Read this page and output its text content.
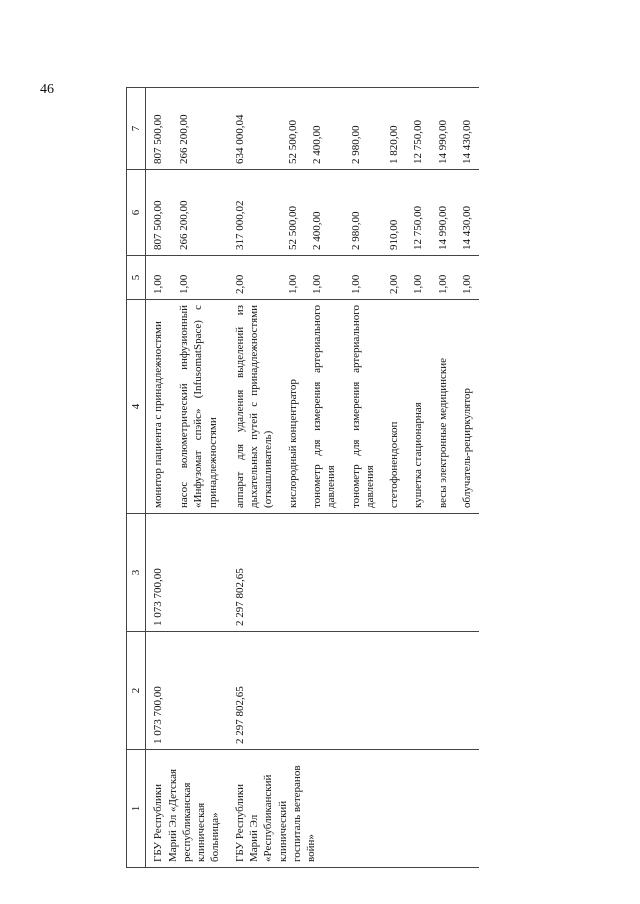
46
1	2	3	4	5	6	7
ГБУ Республики Марий Эл «Детская республиканская клиническая больница»	1 073 700,00	1 073 700,00	монитор пациента с принадлежностями	1,00	807 500,00	807 500,00
			насос волюметрический инфузионный «Инфузомат спэйс» (InfusomatSpace) с принадлежностями	1,00	266 200,00	266 200,00
ГБУ Республики Марий Эл «Республиканский клинический госпиталь ветеранов войн»	2 297 802,65	2 297 802,65	аппарат для удаления выделений из дыхательных путей с принадлежностями (откашливатель)	2,00	317 000,02	634 000,04
			кислородный концентратор	1,00	52 500,00	52 500,00
			тонометр для измерения артериального давления	1,00	2 400,00	2 400,00
			тонометр для измерения артериального давления	1,00	2 980,00	2 980,00
			стетофонендоскоп	2,00	910,00	1 820,00
			кушетка стационарная	1,00	12 750,00	12 750,00
			весы электронные медицинские	1,00	14 990,00	14 990,00
			облучатель-рециркулятор	1,00	14 430,00	14 430,00
